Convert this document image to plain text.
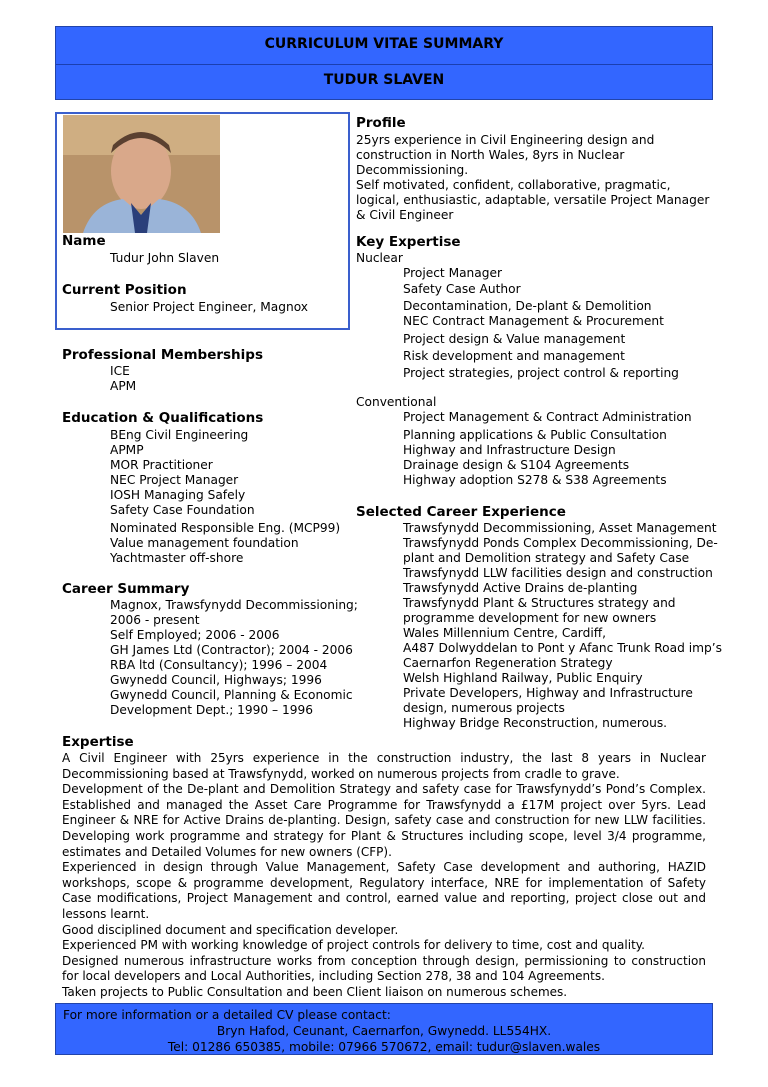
CURRICULUM VITAE SUMMARY
TUDUR SLAVEN
Name
Tudur John Slaven
Current Position
Senior Project Engineer, Magnox
Professional Memberships
ICE
APM
Education & Qualifications
BEng Civil Engineering
APMP
MOR Practitioner
NEC Project Manager
IOSH Managing Safely
Safety Case Foundation
Nominated Responsible Eng. (MCP99)
Value management foundation
Yachtmaster off-shore
Career Summary
Magnox, Trawsfynydd Decommissioning;
2006 - present
Self Employed; 2006 - 2006
GH James Ltd (Contractor); 2004 - 2006
RBA ltd (Consultancy); 1996 – 2004
Gwynedd Council, Highways; 1996
Gwynedd Council, Planning & Economic
Development Dept.; 1990 – 1996
Profile
25yrs experience in Civil Engineering design and
construction in North Wales, 8yrs in Nuclear
Decommissioning.
Self motivated, confident, collaborative, pragmatic,
logical, enthusiastic, adaptable, versatile Project Manager
& Civil Engineer
Key Expertise
Nuclear
Project Manager
Safety Case Author
Decontamination, De-plant & Demolition
NEC Contract Management & Procurement
Project design & Value management
Risk development and management
Project strategies, project control & reporting
Conventional
Project Management & Contract Administration
Planning applications & Public Consultation
Highway and Infrastructure Design
Drainage design & S104 Agreements
Highway adoption S278 & S38 Agreements
Selected Career Experience
Trawsfynydd Decommissioning, Asset Management
Trawsfynydd Ponds Complex Decommissioning, De-
plant and Demolition strategy and Safety Case
Trawsfynydd LLW facilities design and construction
Trawsfynydd Active Drains de-planting
Trawsfynydd Plant & Structures strategy and
programme development for new owners
Wales Millennium Centre, Cardiff,
A487 Dolwyddelan to Pont y Afanc Trunk Road imp’s
Caernarfon Regeneration Strategy
Welsh Highland Railway, Public Enquiry
Private Developers, Highway and Infrastructure
design, numerous projects
Highway Bridge Reconstruction, numerous.
Expertise

A Civil Engineer with 25yrs experience in the construction industry, the last 8 years in Nuclear Decommissioning based at Trawsfynydd, worked on numerous projects from cradle to grave.

Development of the De-plant and Demolition Strategy and safety case for Trawsfynydd’s Pond’s Complex. Established and managed the Asset Care Programme for Trawsfynydd a £17M project over 5yrs. Lead Engineer & NRE for Active Drains de-planting. Design, safety case and construction for new LLW facilities. Developing work programme and strategy for Plant & Structures including scope, level 3/4 programme, estimates and Detailed Volumes for new owners (CFP).

Experienced in design through Value Management, Safety Case development and authoring, HAZID workshops, scope & programme development, Regulatory interface, NRE for implementation of Safety Case modifications, Project Management and control, earned value and reporting, project close out and lessons learnt.

Good disciplined document and specification developer.

Experienced PM with working knowledge of project controls for delivery to time, cost and quality.

Designed numerous infrastructure works from conception through design, permissioning to construction for local developers and Local Authorities, including Section 278, 38 and 104 Agreements.

Taken projects to Public Consultation and been Client liaison on numerous schemes.

For more information or a detailed CV please contact:
Bryn Hafod, Ceunant, Caernarfon, Gwynedd. LL554HX.
Tel: 01286 650385, mobile: 07966 570672, email: tudur@slaven.wales
